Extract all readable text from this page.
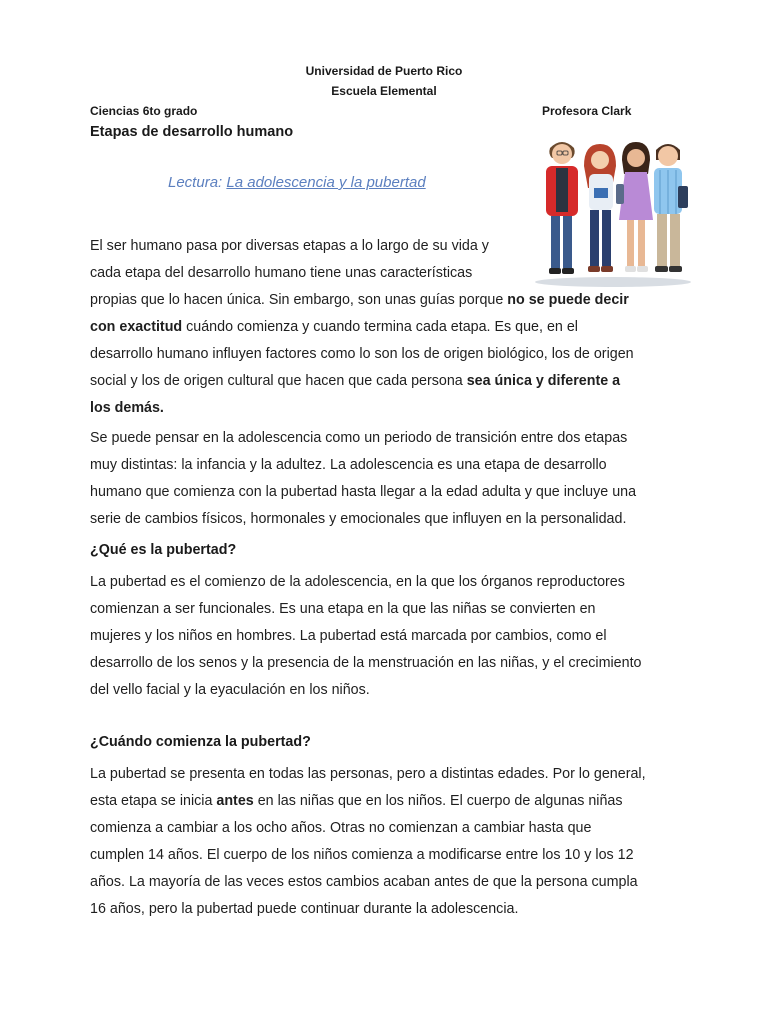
Universidad de Puerto Rico
Escuela Elemental
Ciencias 6to grado	Profesora Clark
Etapas de desarrollo humano
Lectura: La adolescencia y la pubertad
El ser humano pasa por diversas etapas a lo largo de su vida y
cada etapa del desarrollo humano tiene unas características
propias que lo hacen única. Sin embargo, son unas guías porque no se puede decir
con exactitud cuándo comienza y cuando termina cada etapa. Es que, en el
desarrollo humano influyen factores como lo son los de origen biológico, los de origen
social y los de origen cultural que hacen que cada persona sea única y diferente a
los demás.
Se puede pensar en la adolescencia como un periodo de transición entre dos etapas
muy distintas: la infancia y la adultez. La adolescencia es una etapa de desarrollo
humano que comienza con la pubertad hasta llegar a la edad adulta y que incluye una
serie de cambios físicos, hormonales y emocionales que influyen en la personalidad.
¿Qué es la pubertad?
La pubertad es el comienzo de la adolescencia, en la que los órganos reproductores
comienzan a ser funcionales. Es una etapa en la que las niñas se convierten en
mujeres y los niños en hombres. La pubertad está marcada por cambios, como el
desarrollo de los senos y la presencia de la menstruación en las niñas, y el crecimiento
del vello facial y la eyaculación en los niños.
¿Cuándo comienza la pubertad?
La pubertad se presenta en todas las personas, pero a distintas edades. Por lo general,
esta etapa se inicia antes en las niñas que en los niños. El cuerpo de algunas niñas
comienza a cambiar a los ocho años. Otras no comienzan a cambiar hasta que
cumplen 14 años. El cuerpo de los niños comienza a modificarse entre los 10 y los 12
años. La mayoría de las veces estos cambios acaban antes de que la persona cumpla
16 años, pero la pubertad puede continuar durante la adolescencia.
